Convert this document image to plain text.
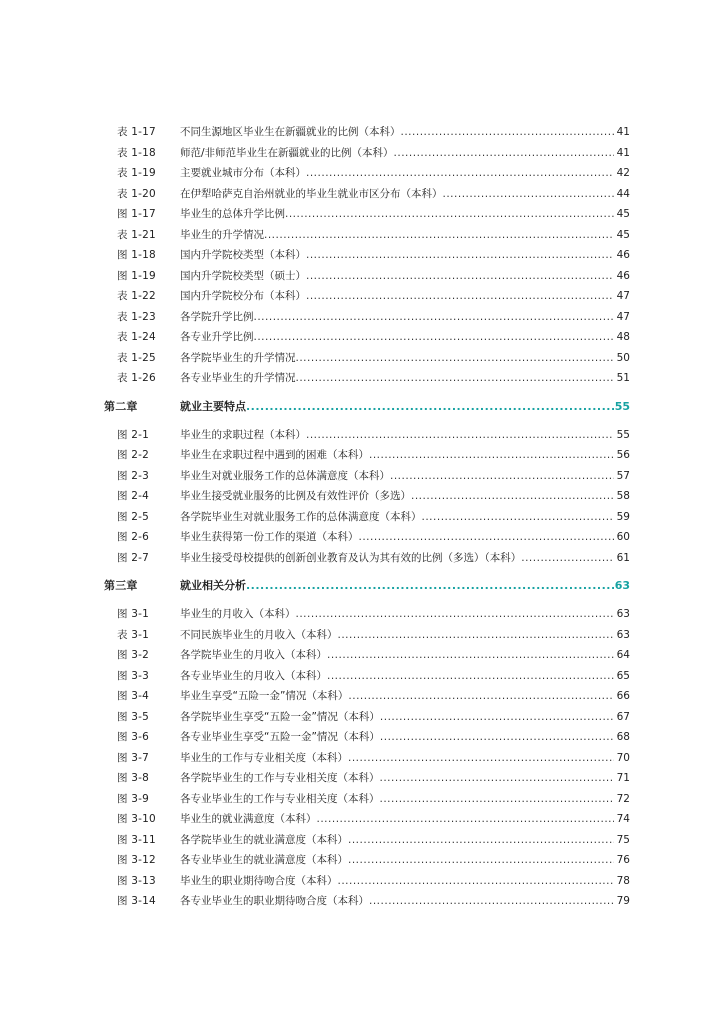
表 1-17 不同生源地区毕业生在新疆就业的比例（本科） .....	41
表 1-18 师范/非师范毕业生在新疆就业的比例（本科） .....	41
表 1-19 主要就业城市分布（本科） .....	42
表 1-20 在伊犁哈萨克自治州就业的毕业生就业市区分布（本科） .....	44
图 1-17 毕业生的总体升学比例 .....	45
表 1-21 毕业生的升学情况 .....	45
图 1-18 国内升学院校类型（本科） .....	46
图 1-19 国内升学院校类型（硕士） .....	46
表 1-22 国内升学院校分布（本科） .....	47
表 1-23 各学院升学比例 .....	47
表 1-24 各专业升学比例 .....	48
表 1-25 各学院毕业生的升学情况 .....	50
表 1-26 各专业毕业生的升学情况 .....	51
第二章	就业主要特点 .....	55
图 2-1	毕业生的求职过程（本科） .....	55
图 2-2	毕业生在求职过程中遇到的困难（本科） .....	56
图 2-3	毕业生对就业服务工作的总体满意度（本科） .....	57
图 2-4	毕业生接受就业服务的比例及有效性评价（多选） .....	58
图 2-5	各学院毕业生对就业服务工作的总体满意度（本科） .....	59
图 2-6	毕业生获得第一份工作的渠道（本科） .....	60
图 2-7	毕业生接受母校提供的创新创业教育及认为其有效的比例（多选）（本科） .....	61
第三章	就业相关分析 .....	63
图 3-1	毕业生的月收入（本科） .....	63
表 3-1	不同民族毕业生的月收入（本科） .....	63
图 3-2	各学院毕业生的月收入（本科） .....	64
图 3-3	各专业毕业生的月收入（本科） .....	65
图 3-4	毕业生享受“五险一金”情况（本科） .....	66
图 3-5	各学院毕业生享受“五险一金”情况（本科） .....	67
图 3-6	各专业毕业生享受“五险一金”情况（本科） .....	68
图 3-7	毕业生的工作与专业相关度（本科） .....	70
图 3-8	各学院毕业生的工作与专业相关度（本科） .....	71
图 3-9	各专业毕业生的工作与专业相关度（本科） .....	72
图 3-10 毕业生的就业满意度（本科） .....	74
图 3-11 各学院毕业生的就业满意度（本科） .....	75
图 3-12 各专业毕业生的就业满意度（本科） .....	76
图 3-13 毕业生的职业期待吻合度（本科） .....	78
图 3-14 各专业毕业生的职业期待吻合度（本科） .....	79
